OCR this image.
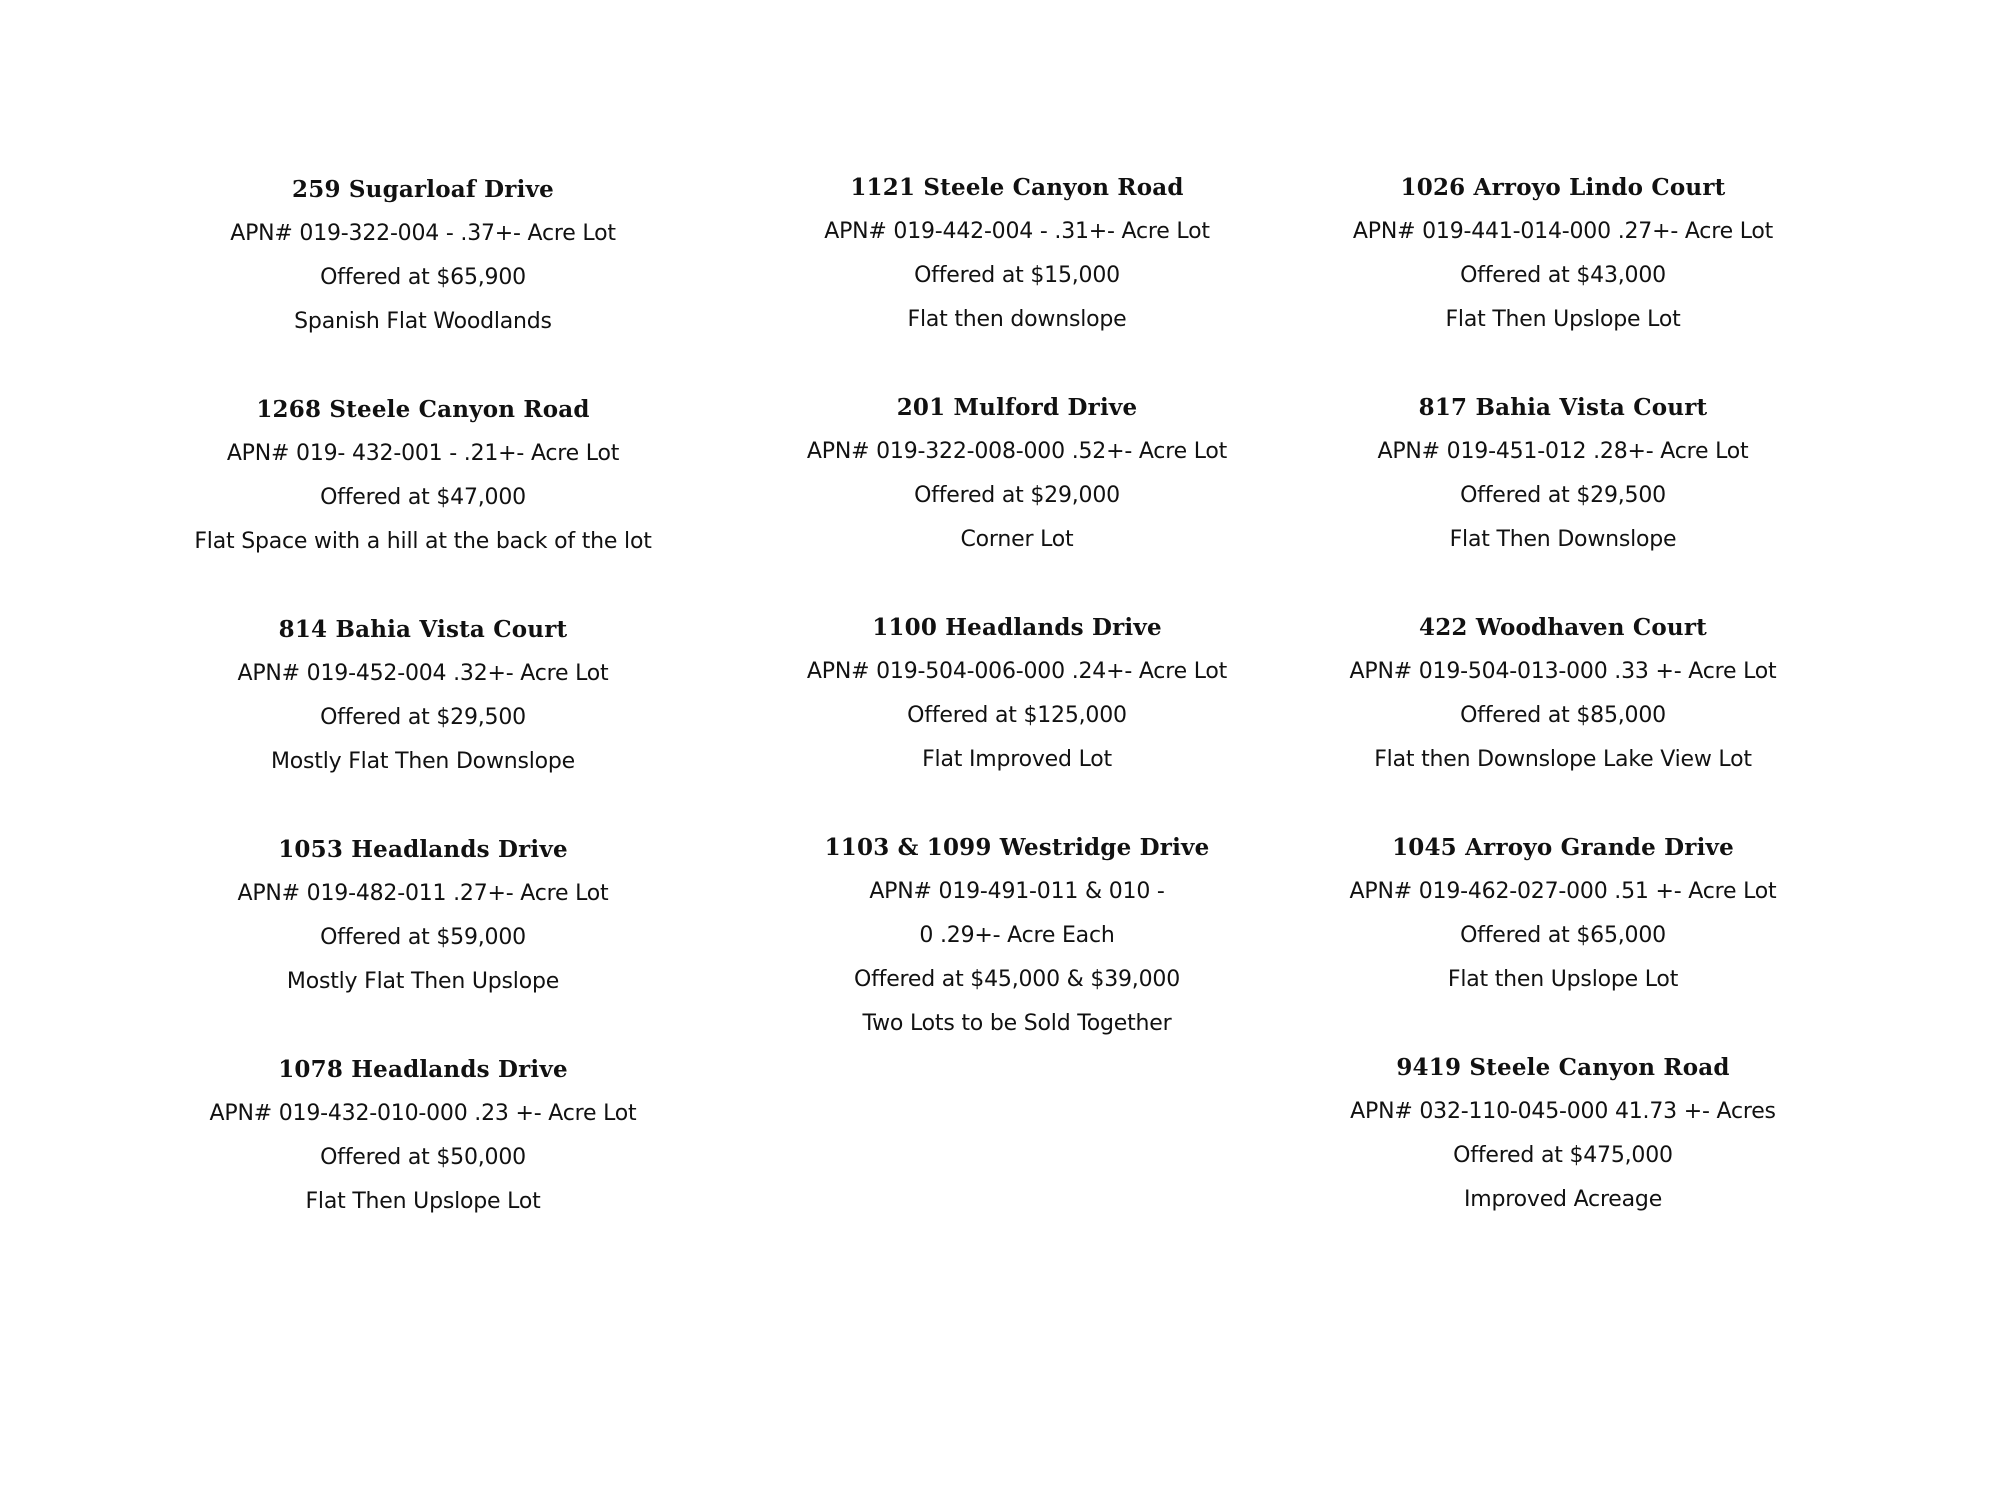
259 Sugarloaf Drive
APN# 019-322-004 - .37+- Acre Lot
Offered at $65,900
Spanish Flat Woodlands
1268 Steele Canyon Road
APN# 019- 432-001 - .21+- Acre Lot
Offered at $47,000
Flat Space with a hill at the back of the lot
814 Bahia Vista Court
APN# 019-452-004 .32+- Acre Lot
Offered at $29,500
Mostly Flat Then Downslope
1053 Headlands Drive
APN# 019-482-011 .27+- Acre Lot
Offered at $59,000
Mostly Flat Then Upslope
1078 Headlands Drive
APN# 019-432-010-000 .23 +- Acre Lot
Offered at $50,000
Flat Then Upslope Lot
1121 Steele Canyon Road
APN# 019-442-004 - .31+- Acre Lot
Offered at $15,000
Flat then downslope
201 Mulford Drive
APN# 019-322-008-000 .52+- Acre Lot
Offered at $29,000
Corner Lot
1100 Headlands Drive
APN# 019-504-006-000 .24+- Acre Lot
Offered at $125,000
Flat Improved Lot
1103 & 1099 Westridge Drive
APN# 019-491-011 & 010 -
0 .29+- Acre Each
Offered at $45,000 & $39,000
Two Lots to be Sold Together
1026 Arroyo Lindo Court
APN# 019-441-014-000 .27+- Acre Lot
Offered at $43,000
Flat Then Upslope Lot
817 Bahia Vista Court
APN# 019-451-012 .28+- Acre Lot
Offered at $29,500
Flat Then Downslope
422 Woodhaven Court
APN# 019-504-013-000 .33 +- Acre Lot
Offered at $85,000
Flat then Downslope Lake View Lot
1045 Arroyo Grande Drive
APN# 019-462-027-000 .51 +- Acre Lot
Offered at $65,000
Flat then Upslope Lot
9419 Steele Canyon Road
APN# 032-110-045-000 41.73 +- Acres
Offered at $475,000
Improved Acreage
